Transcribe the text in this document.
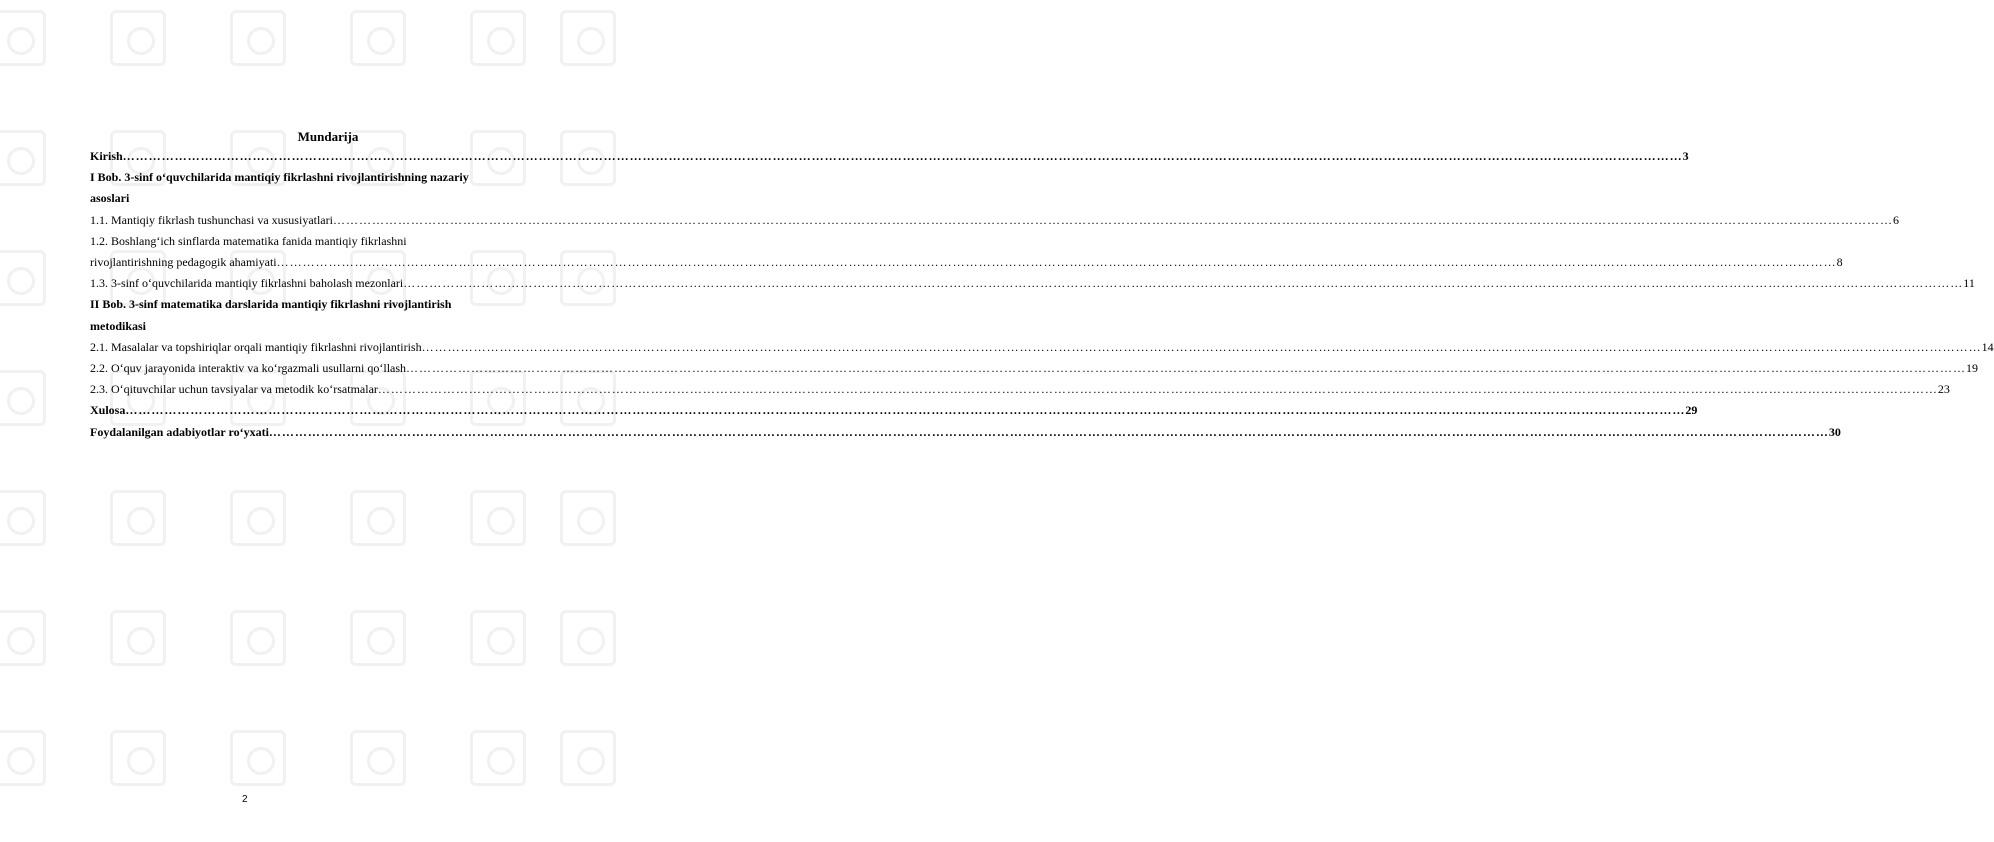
Mundarija
Kirish ……………………………………………………………………………………………………………………………………………………………………………………………………………………………………………………………………………………………………………………………… 3
I Bob. 3-sinf o‘quvchilarida mantiqiy fikrlashni rivojlantirishning nazariy
asoslari
1.1. Mantiqiy fikrlash tushunchasi va xususiyatlari ……………………………………………………………………………………………………………………………………………………………………………………………………………………………………………………………………………………………………………………………… 6
1.2. Boshlang‘ich sinflarda matematika fanida mantiqiy fikrlashni
rivojlantirishning pedagogik ahamiyati ……………………………………………………………………………………………………………………………………………………………………………………………………………………………………………………………………………………………………………………………… 8
1.3. 3-sinf o‘quvchilarida mantiqiy fikrlashni baholash mezonlari ……………………………………………………………………………………………………………………………………………………………………………………………………………………………………………………………………………………………………………………………… 11
II Bob. 3-sinf matematika darslarida mantiqiy fikrlashni rivojlantirish
metodikasi
2.1. Masalalar va topshiriqlar orqali mantiqiy fikrlashni rivojlantirish ……………………………………………………………………………………………………………………………………………………………………………………………………………………………………………………………………………………………………………………………… 14
2.2. O‘quv jarayonida interaktiv va ko‘rgazmali usullarni qo‘llash ……………………………………………………………………………………………………………………………………………………………………………………………………………………………………………………………………………………………………………………………… 19
2.3. O‘qituvchilar uchun tavsiyalar va metodik ko‘rsatmalar ……………………………………………………………………………………………………………………………………………………………………………………………………………………………………………………………………………………………………………………………… 23
Xulosa ……………………………………………………………………………………………………………………………………………………………………………………………………………………………………………………………………………………………………………………………… 29
Foydalanilgan adabiyotlar ro‘yxati ……………………………………………………………………………………………………………………………………………………………………………………………………………………………………………………………………………………………………………………………… 30
2
